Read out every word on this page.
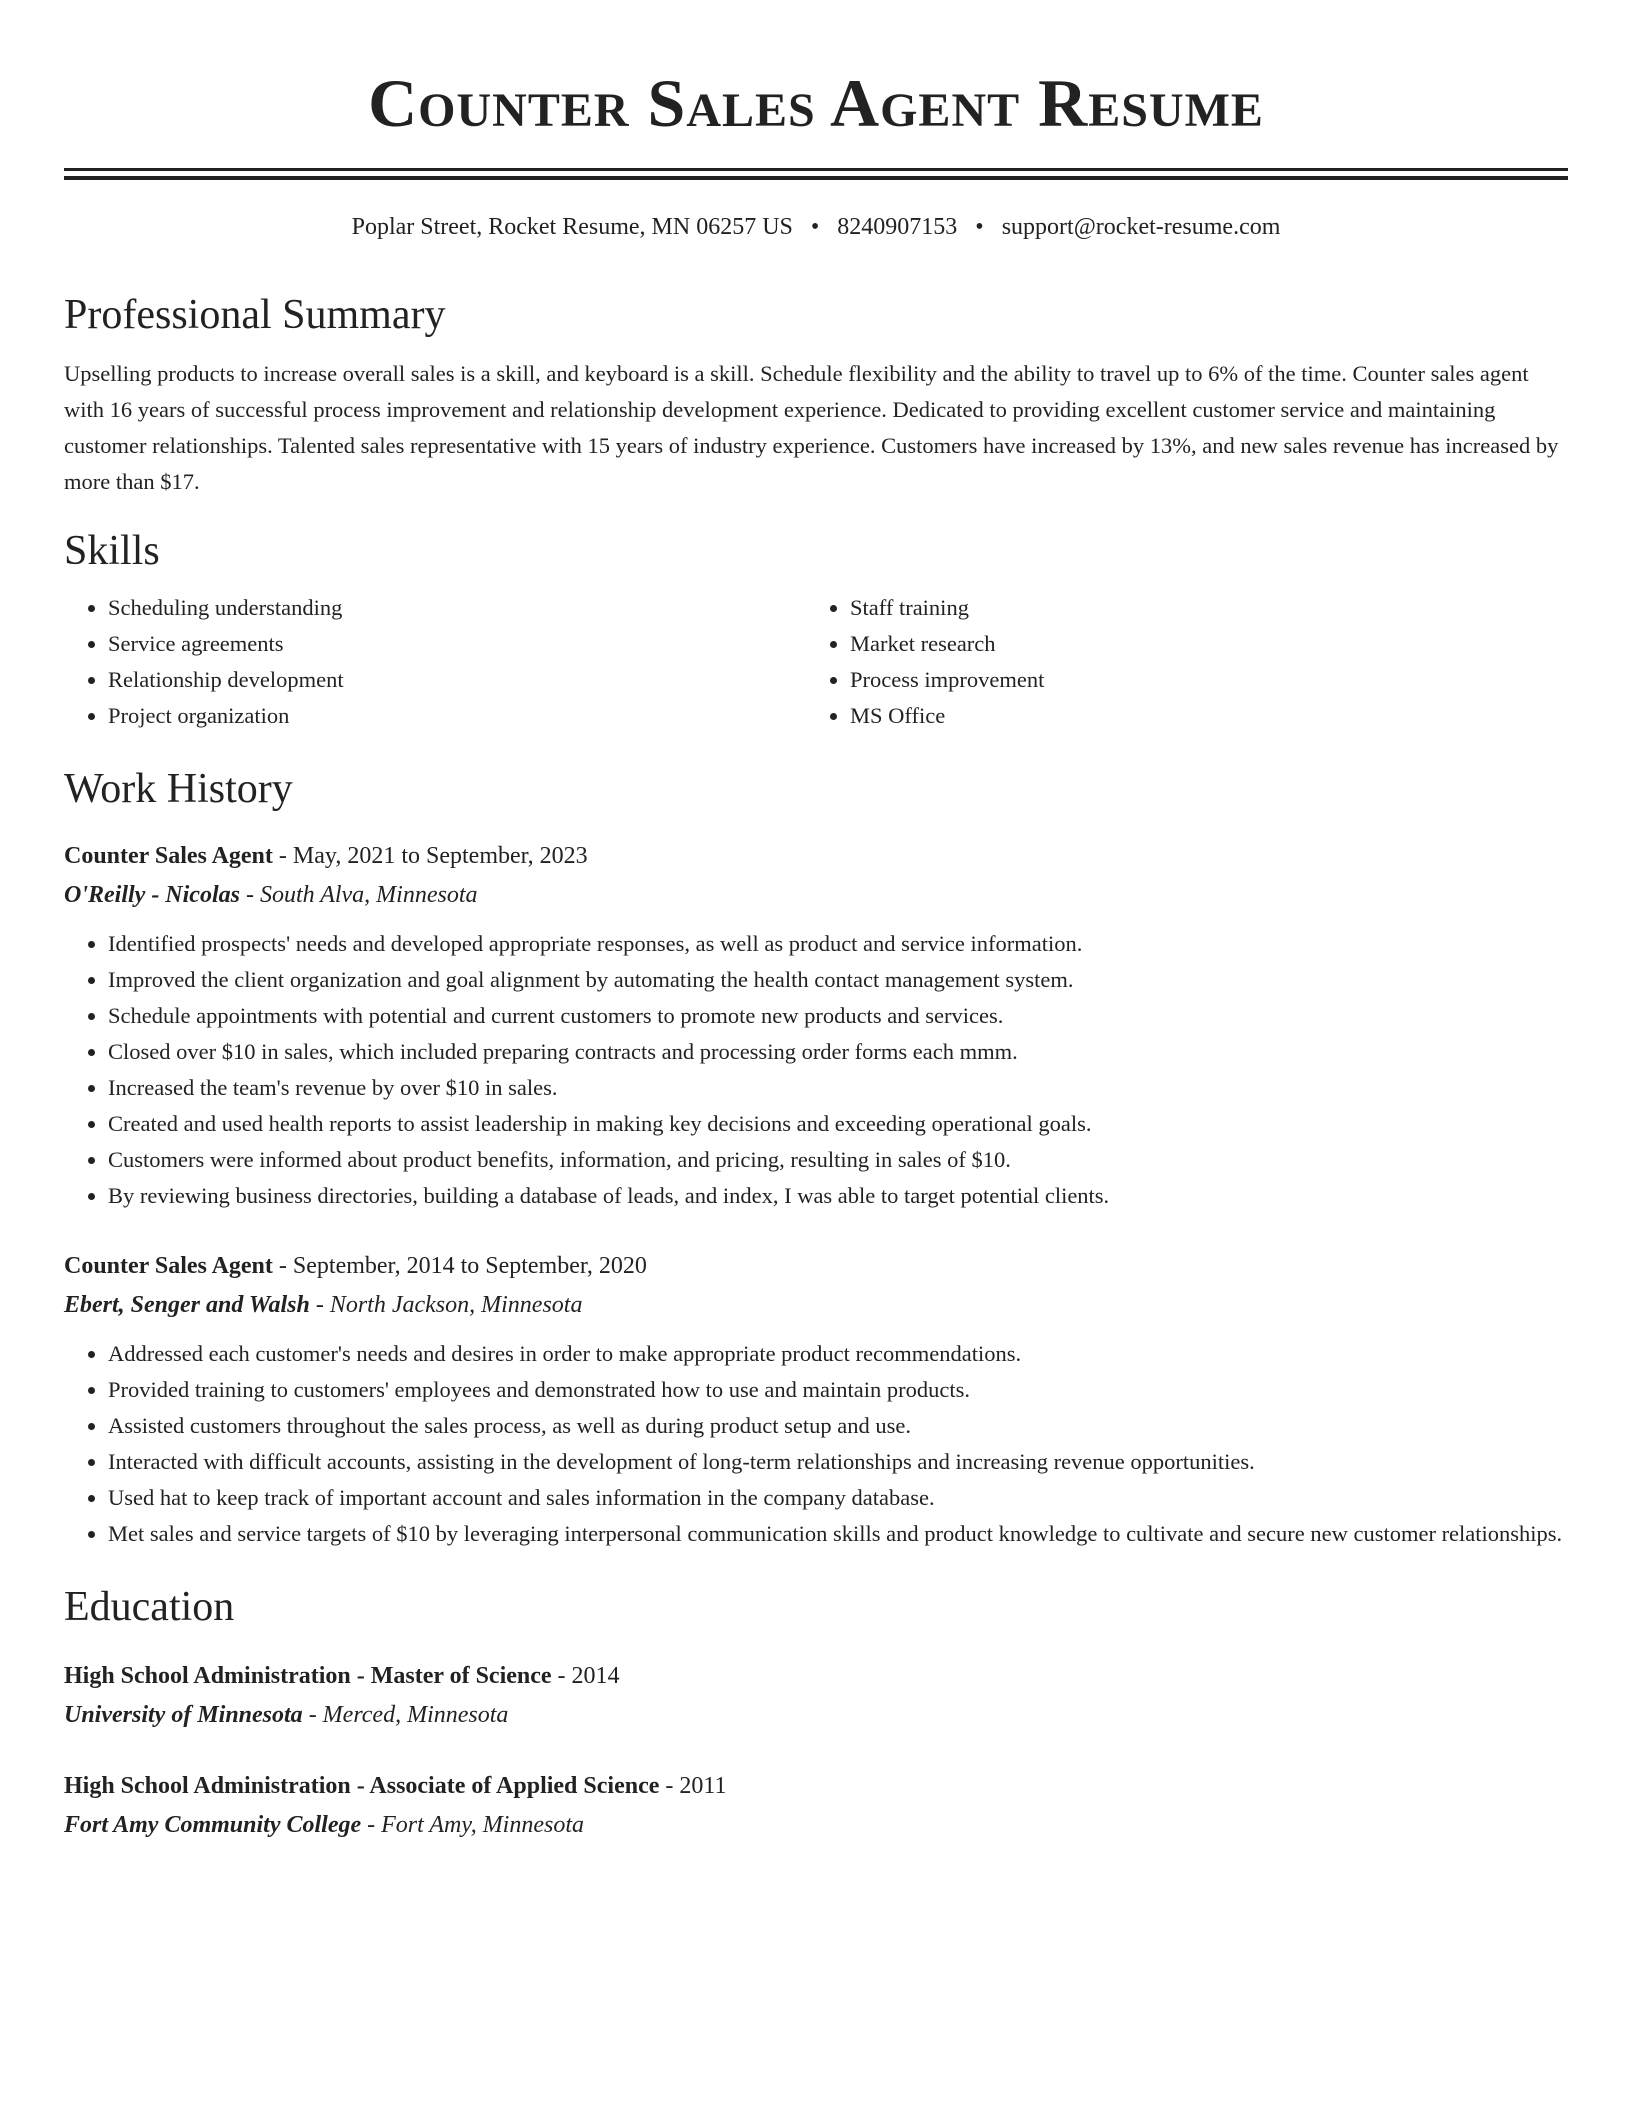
Counter Sales Agent Resume
Poplar Street, Rocket Resume, MN 06257 US • 8240907153 • support@rocket-resume.com
Professional Summary

Upselling products to increase overall sales is a skill, and keyboard is a skill. Schedule flexibility and the ability to travel up to 6% of the time. Counter sales agent with 16 years of successful process improvement and relationship development experience. Dedicated to providing excellent customer service and maintaining customer relationships. Talented sales representative with 15 years of industry experience. Customers have increased by 13%, and new sales revenue has increased by more than $17.

Skills
• Scheduling understanding
• Service agreements
• Relationship development
• Project organization
• Staff training
• Market research
• Process improvement
• MS Office
Work History
Counter Sales Agent - May, 2021 to September, 2023
O'Reilly - Nicolas - South Alva, Minnesota
• Identified prospects' needs and developed appropriate responses, as well as product and service information.
• Improved the client organization and goal alignment by automating the health contact management system.
• Schedule appointments with potential and current customers to promote new products and services.
• Closed over $10 in sales, which included preparing contracts and processing order forms each mmm.
• Increased the team's revenue by over $10 in sales.
• Created and used health reports to assist leadership in making key decisions and exceeding operational goals.
• Customers were informed about product benefits, information, and pricing, resulting in sales of $10.
• By reviewing business directories, building a database of leads, and index, I was able to target potential clients.
Counter Sales Agent - September, 2014 to September, 2020
Ebert, Senger and Walsh - North Jackson, Minnesota
• Addressed each customer's needs and desires in order to make appropriate product recommendations.
• Provided training to customers' employees and demonstrated how to use and maintain products.
• Assisted customers throughout the sales process, as well as during product setup and use.
• Interacted with difficult accounts, assisting in the development of long-term relationships and increasing revenue opportunities.
• Used hat to keep track of important account and sales information in the company database.
• Met sales and service targets of $10 by leveraging interpersonal communication skills and product knowledge to cultivate and secure new customer relationships.
Education
High School Administration - Master of Science - 2014
University of Minnesota - Merced, Minnesota
High School Administration - Associate of Applied Science - 2011
Fort Amy Community College - Fort Amy, Minnesota
